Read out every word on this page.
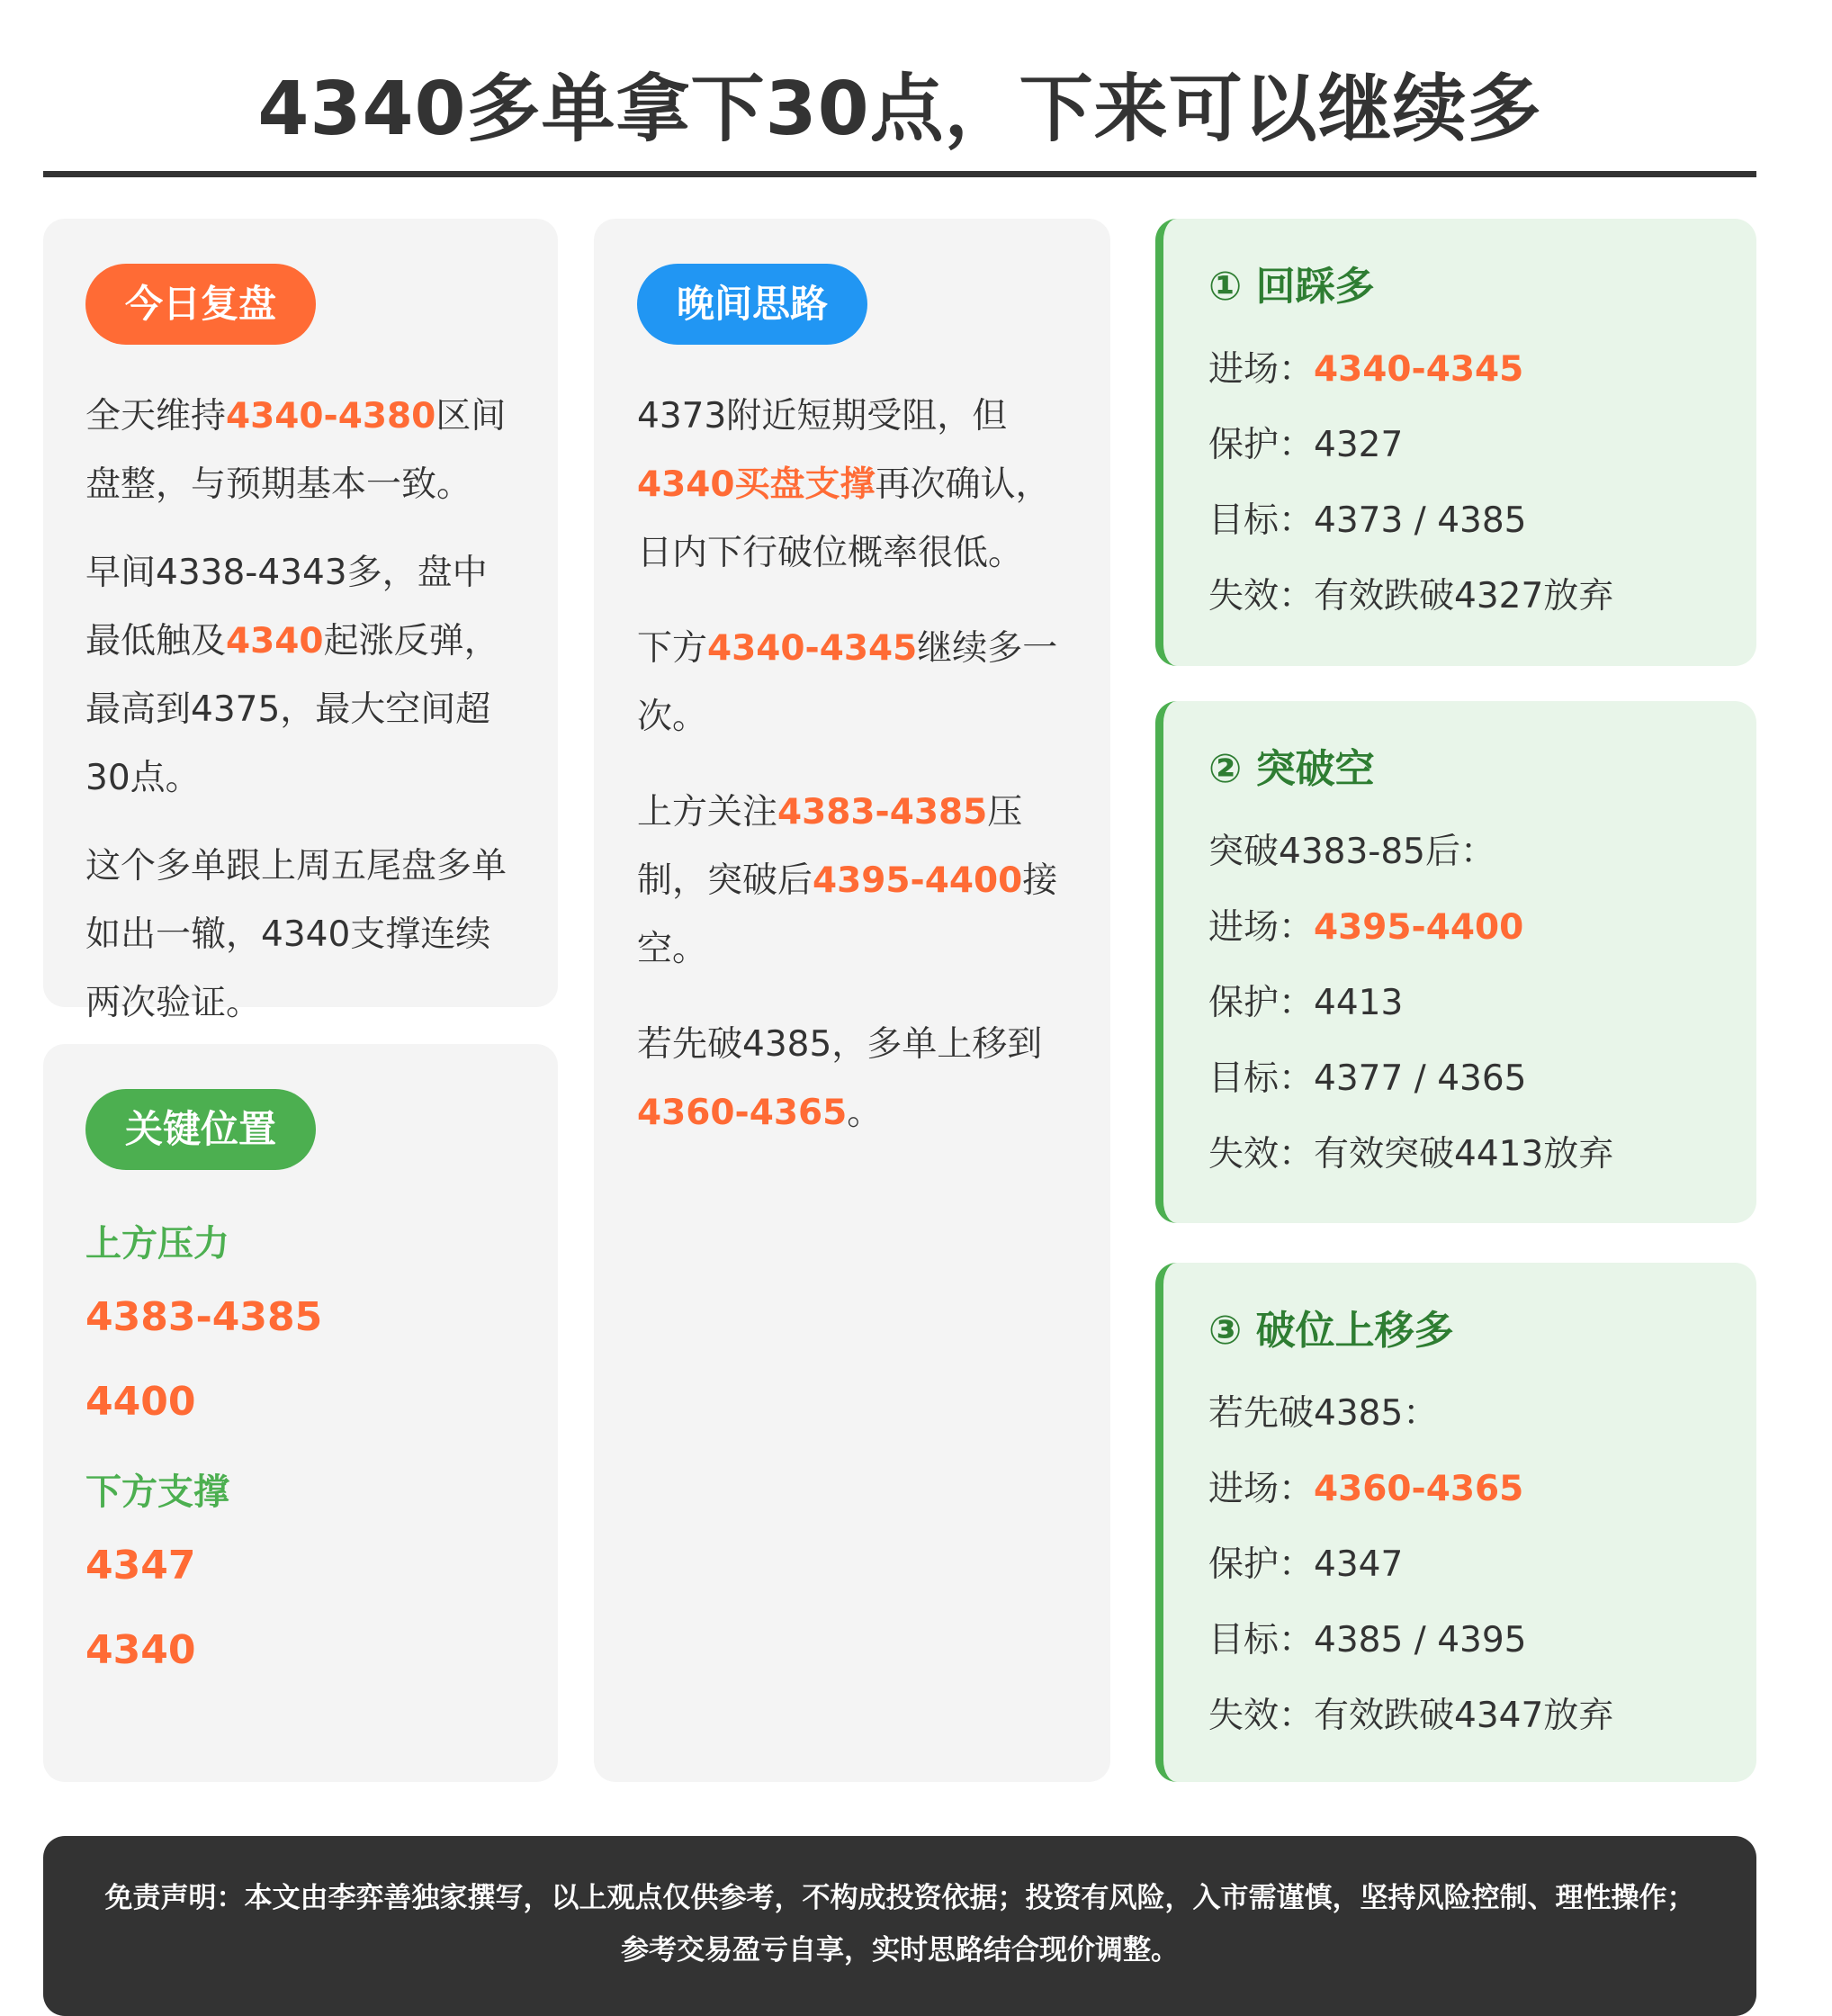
4340多单拿下30点，下来可以继续多
今日复盘

全天维持4340-4380区间盘整，与预期基本一致。

早间4338-4343多，盘中最低触及4340起涨反弹，最高到4375，最大空间超30点。

这个多单跟上周五尾盘多单如出一辙，4340支撑连续两次验证。

关键位置
上方压力
4383-4385
4400
下方支撑
4347
4340
晚间思路

4373附近短期受阻，但4340买盘支撑再次确认，日内下行破位概率很低。

下方4340-4345继续多一次。

上方关注4383-4385压制，突破后4395-4400接空。

若先破4385，多单上移到4360-4365。

① 回踩多

进场：4340-4345
保护：4327
目标：4373 / 4385
失效：有效跌破4327放弃

② 突破空

突破4383-85后：
进场：4395-4400
保护：4413
目标：4377 / 4365
失效：有效突破4413放弃

③ 破位上移多

若先破4385：
进场：4360-4365
保护：4347
目标：4385 / 4395
失效：有效跌破4347放弃
免责声明：本文由李弈善独家撰写，以上观点仅供参考，不构成投资依据；投资有风险，入市需谨慎，坚持风险控制、理性操作；
参考交易盈亏自享，实时思路结合现价调整。
